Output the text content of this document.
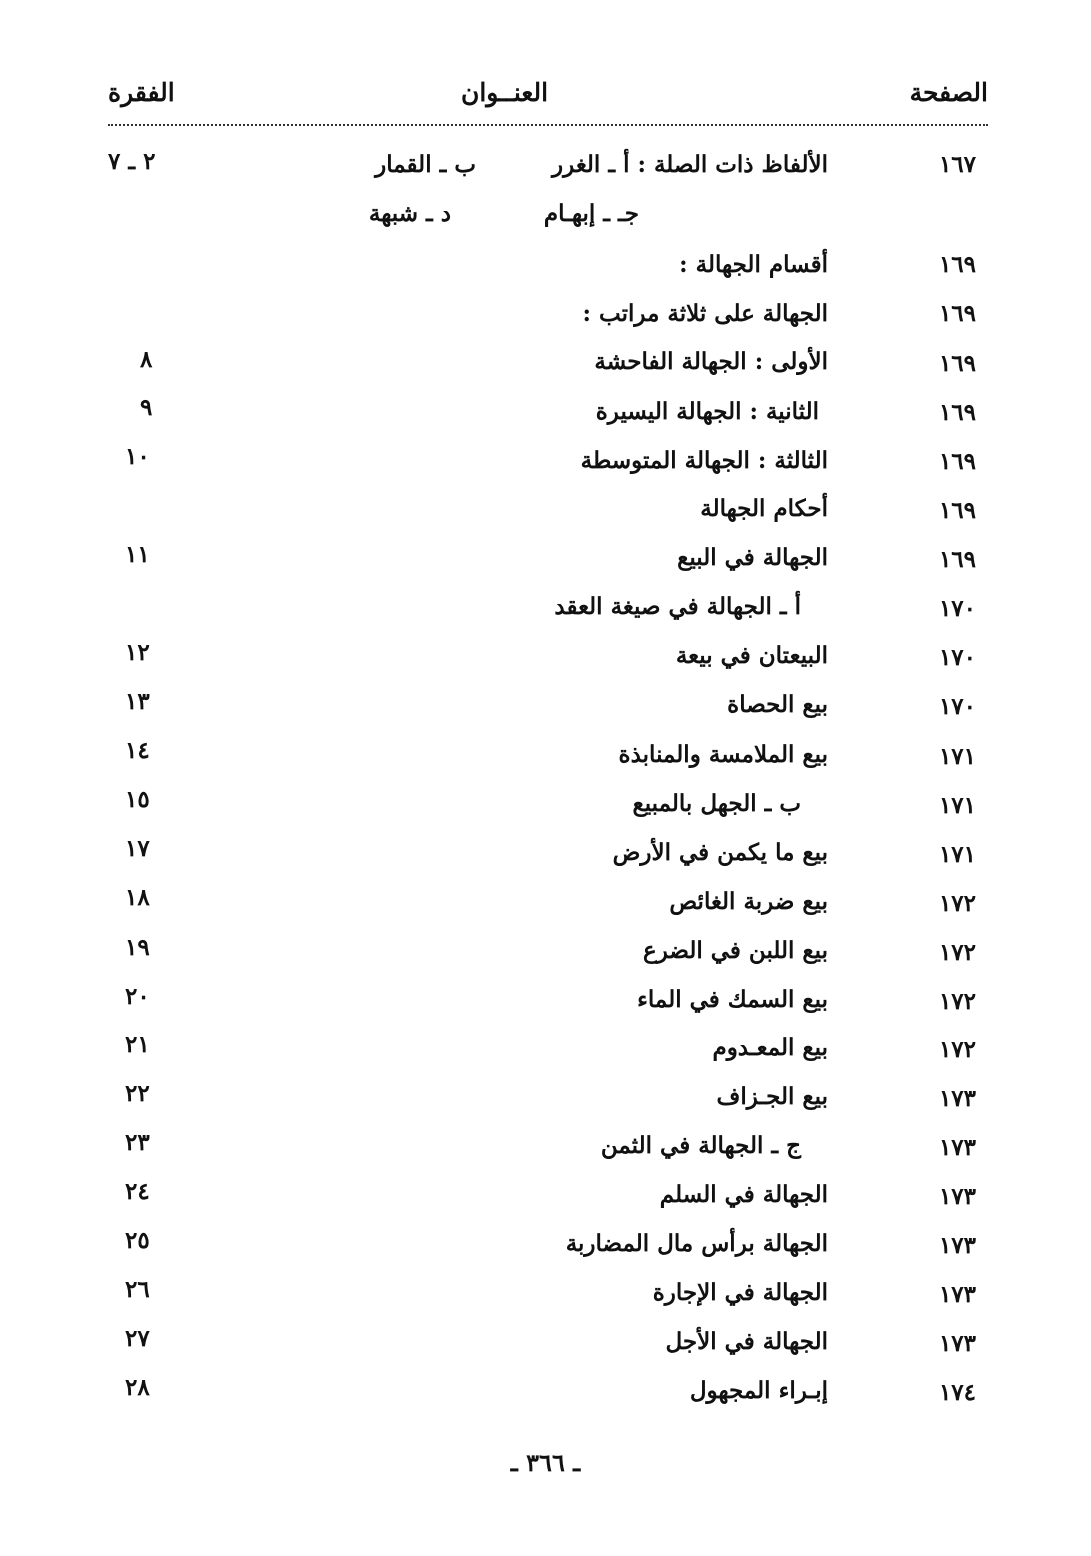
الصفحة
العنــوان
الفقرة
١٦٧
الألفاظ ذات الصلة : أ ـ الغرر
ب ـ القمار
٢ ـ ٧
جـ ـ إبهـام
د ـ شبهة
١٦٩
أقسام الجهالة :
١٦٩
الجهالة على ثلاثة مراتب :
١٦٩
الأولى : الجهالة الفاحشة
٨
١٦٩
الثانية : الجهالة اليسيرة
٩
١٦٩
الثالثة : الجهالة المتوسطة
١٠
١٦٩
أحكام الجهالة
١٦٩
الجهالة في البيع
١١
١٧٠
أ ـ الجهالة في صيغة العقد
١٧٠
البيعتان في بيعة
١٢
١٧٠
بيع الحصاة
١٣
١٧١
بيع الملامسة والمنابذة
١٤
١٧١
ب ـ الجهل بالمبيع
١٥
١٧١
بيع ما يكمن في الأرض
١٧
١٧٢
بيع ضربة الغائص
١٨
١٧٢
بيع اللبن في الضرع
١٩
١٧٢
بيع السمك في الماء
٢٠
١٧٢
بيع المعـدوم
٢١
١٧٣
بيع الجـزاف
٢٢
١٧٣
ج ـ الجهالة في الثمن
٢٣
١٧٣
الجهالة في السلم
٢٤
١٧٣
الجهالة برأس مال المضاربة
٢٥
١٧٣
الجهالة في الإجارة
٢٦
١٧٣
الجهالة في الأجل
٢٧
١٧٤
إبـراء المجهول
٢٨
ـ ٣٦٦ ـ
